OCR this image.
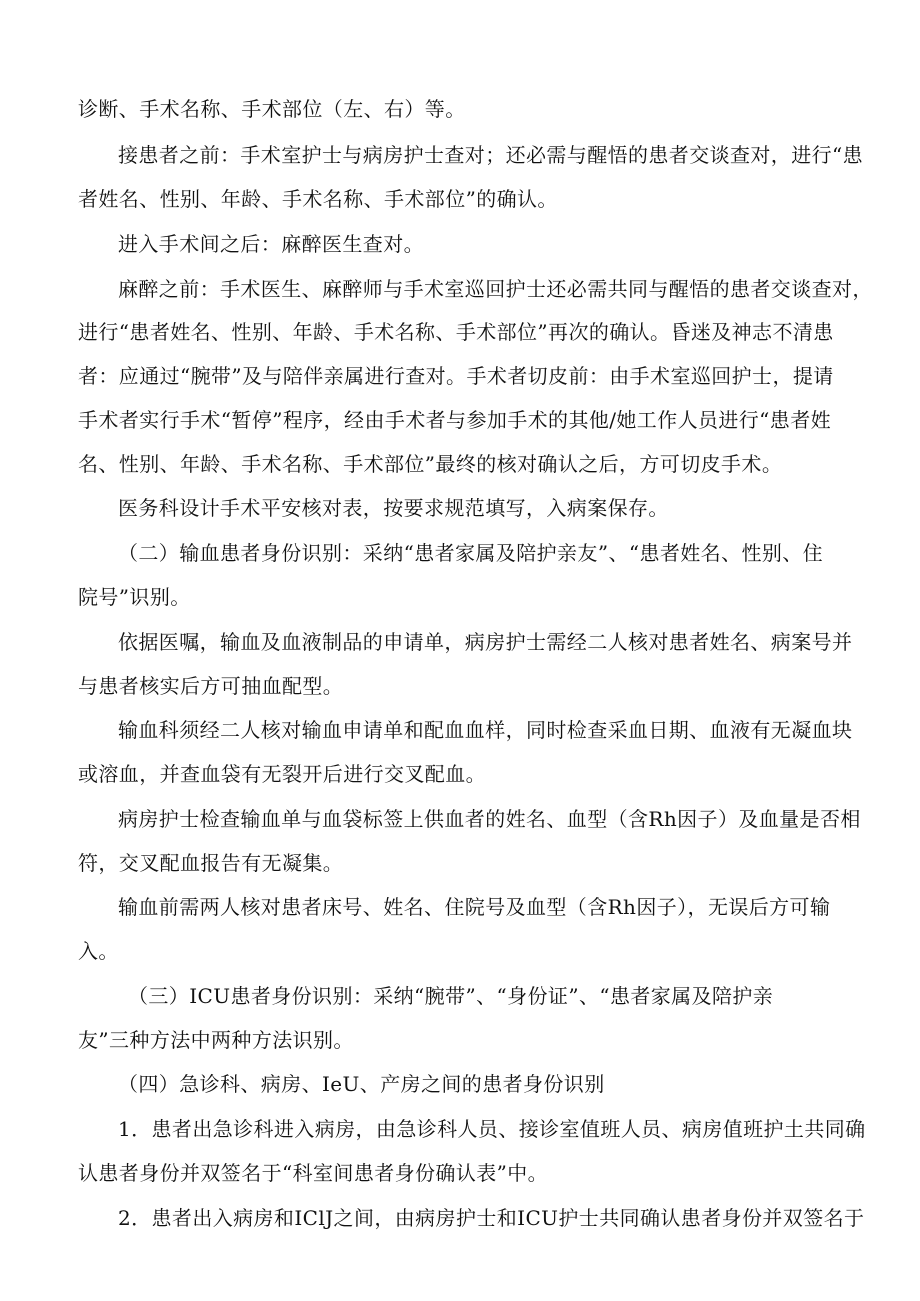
诊断、手术名称、手术部位（左、右）等。
接患者之前：手术室护士与病房护士查对；还必需与醒悟的患者交谈查对，进行“患
者姓名、性别、年龄、手术名称、手术部位”的确认。
进入手术间之后：麻醉医生查对。
麻醉之前：手术医生、麻醉师与手术室巡回护士还必需共同与醒悟的患者交谈查对，
进行“患者姓名、性别、年龄、手术名称、手术部位”再次的确认。昏迷及神志不清患
者：应通过“腕带”及与陪伴亲属进行查对。手术者切皮前：由手术室巡回护士，提请
手术者实行手术“暂停”程序，经由手术者与参加手术的其他/她工作人员进行“患者姓
名、性别、年龄、手术名称、手术部位”最终的核对确认之后，方可切皮手术。
医务科设计手术平安核对表，按要求规范填写，入病案保存。
（二）输血患者身份识别：采纳“患者家属及陪护亲友”、“患者姓名、性别、住
院号”识别。
依据医嘱，输血及血液制品的申请单，病房护士需经二人核对患者姓名、病案号并
与患者核实后方可抽血配型。
输血科须经二人核对输血申请单和配血血样，同时检查采血日期、血液有无凝血块
或溶血，并查血袋有无裂开后进行交叉配血。
病房护士检查输血单与血袋标签上供血者的姓名、血型（含Rh因子）及血量是否相
符，交叉配血报告有无凝集。
输血前需两人核对患者床号、姓名、住院号及血型（含Rh因子），无误后方可输
入。
（三）ICU患者身份识别：采纳“腕带”、“身份证”、“患者家属及陪护亲
友”三种方法中两种方法识别。
（四）急诊科、病房、IeU、产房之间的患者身份识别
1．患者出急诊科进入病房，由急诊科人员、接诊室值班人员、病房值班护土共同确
认患者身份并双签名于“科室间患者身份确认表”中。
2．患者出入病房和IClJ之间，由病房护士和ICU护士共同确认患者身份并双签名于
